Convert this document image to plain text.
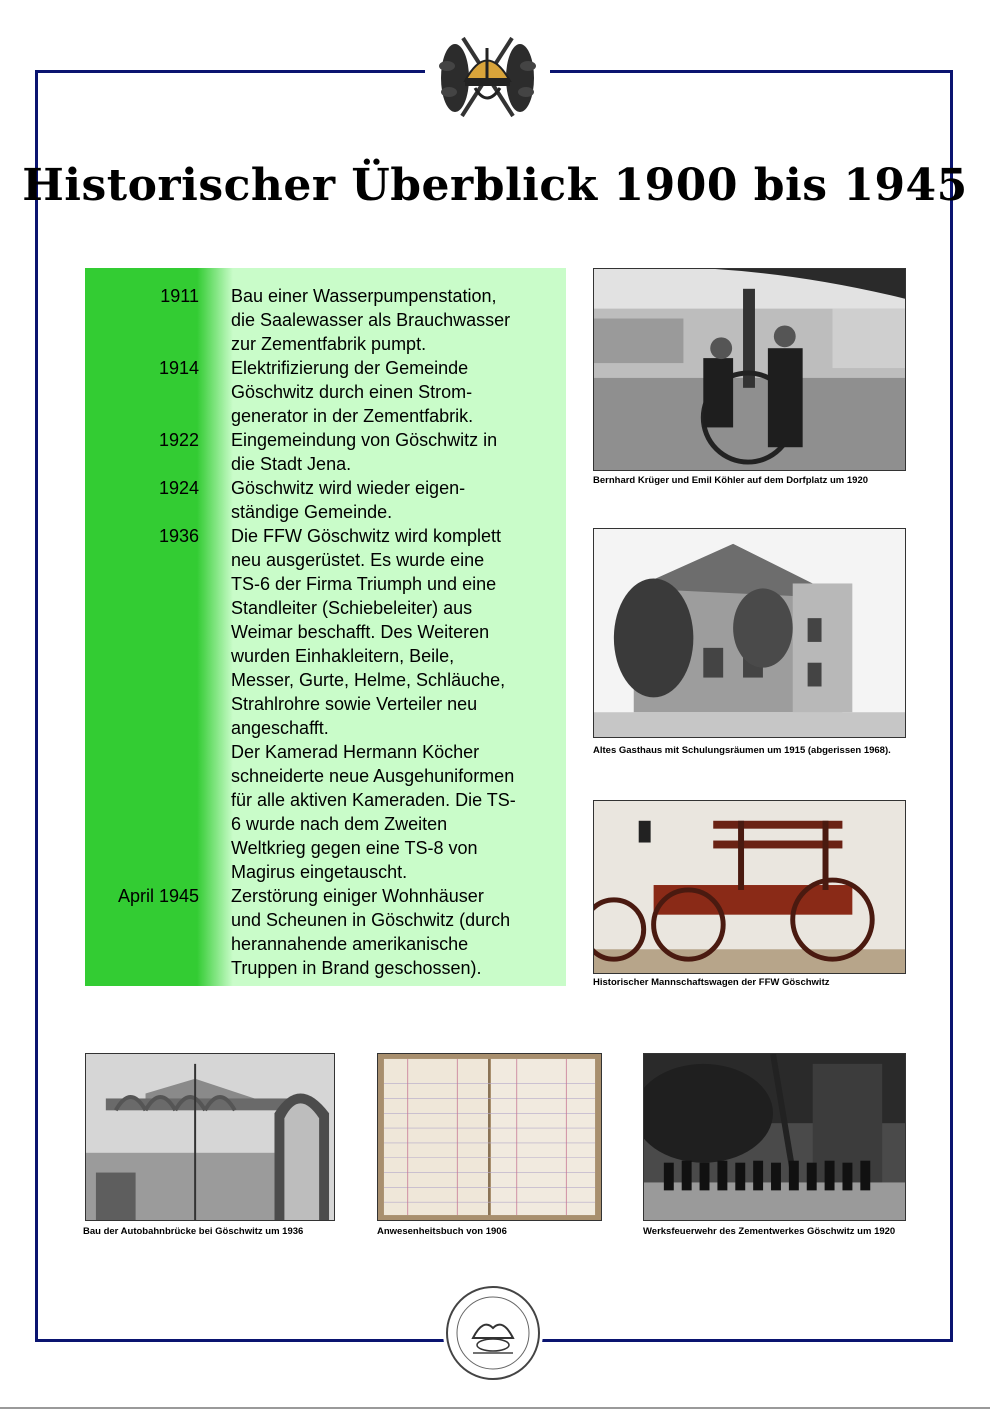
Historischer Überblick 1900 bis 1945
1911 Bau einer Wasserpumpenstation,
die Saalewasser als Brauchwasser
zur Zementfabrik pumpt.
1914 Elektrifizierung der Gemeinde
Göschwitz durch einen Strom-
generator in der Zementfabrik.
1922 Eingemeindung von Göschwitz in
die Stadt Jena.
1924 Göschwitz wird wieder eigen-
ständige Gemeinde.
1936 Die FFW Göschwitz wird komplett
neu ausgerüstet. Es wurde eine
TS-6 der Firma Triumph und eine
Standleiter (Schiebeleiter) aus
Weimar beschafft. Des Weiteren
wurden Einhakleitern, Beile,
Messer, Gurte, Helme, Schläuche,
Strahlrohre sowie Verteiler neu
angeschafft.
Der Kamerad Hermann Köcher
schneiderte neue Ausgehuniformen
für alle aktiven Kameraden. Die TS-
6 wurde nach dem Zweiten
Weltkrieg gegen eine TS-8 von
Magirus eingetauscht.
April 1945 Zerstörung einiger Wohnhäuser
und Scheunen in Göschwitz (durch
herannahende amerikanische
Truppen in Brand geschossen).
Bernhard Krüger und Emil Köhler auf dem Dorfplatz um 1920
Altes Gasthaus mit Schulungsräumen um 1915 (abgerissen 1968).
Historischer Mannschaftswagen der FFW Göschwitz
Bau der Autobahnbrücke bei Göschwitz um 1936	Anwesenheitsbuch von 1906	Werksfeuerwehr des Zementwerkes Göschwitz um 1920
